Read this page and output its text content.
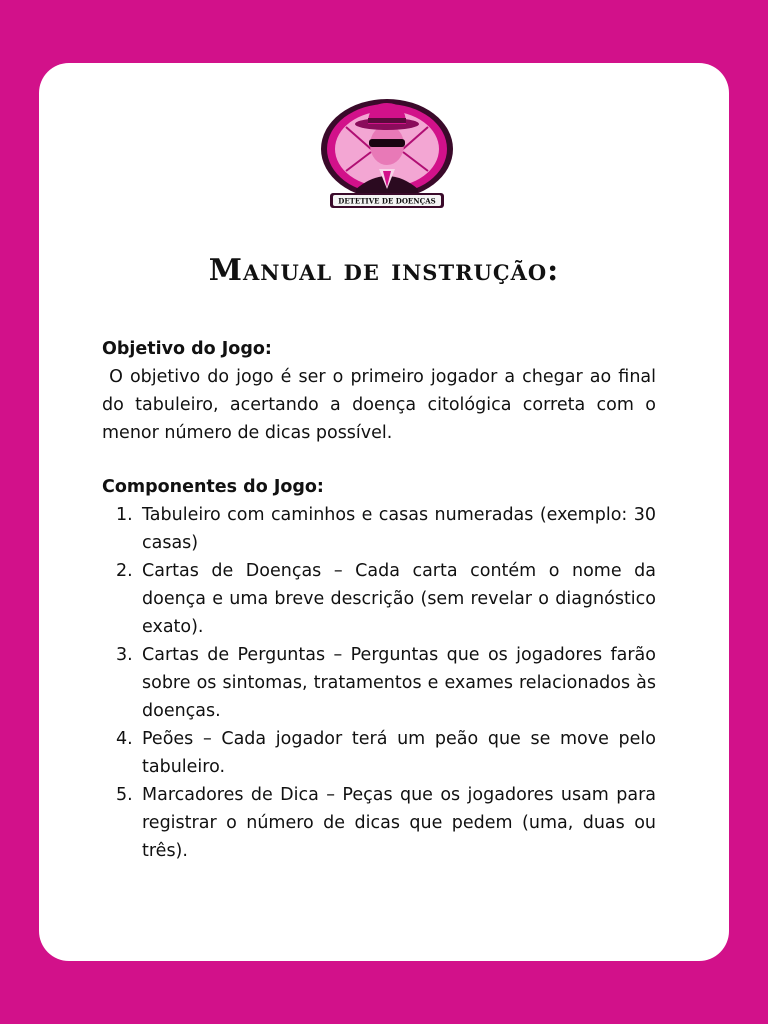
DETETIVE DE DOENÇAS
Manual de instrução:
Objetivo do Jogo:
O objetivo do jogo é ser o primeiro jogador a chegar ao final do tabuleiro, acertando a doença citológica correta com o menor número de dicas possível.
Componentes do Jogo:
1. Tabuleiro com caminhos e casas numeradas (exemplo: 30 casas)
2. Cartas de Doenças – Cada carta contém o nome da doença e uma breve descrição (sem revelar o diagnóstico exato).
3. Cartas de Perguntas – Perguntas que os jogadores farão sobre os sintomas, tratamentos e exames relacionados às doenças.
4. Peões – Cada jogador terá um peão que se move pelo tabuleiro.
5. Marcadores de Dica – Peças que os jogadores usam para registrar o número de dicas que pedem (uma, duas ou três).
